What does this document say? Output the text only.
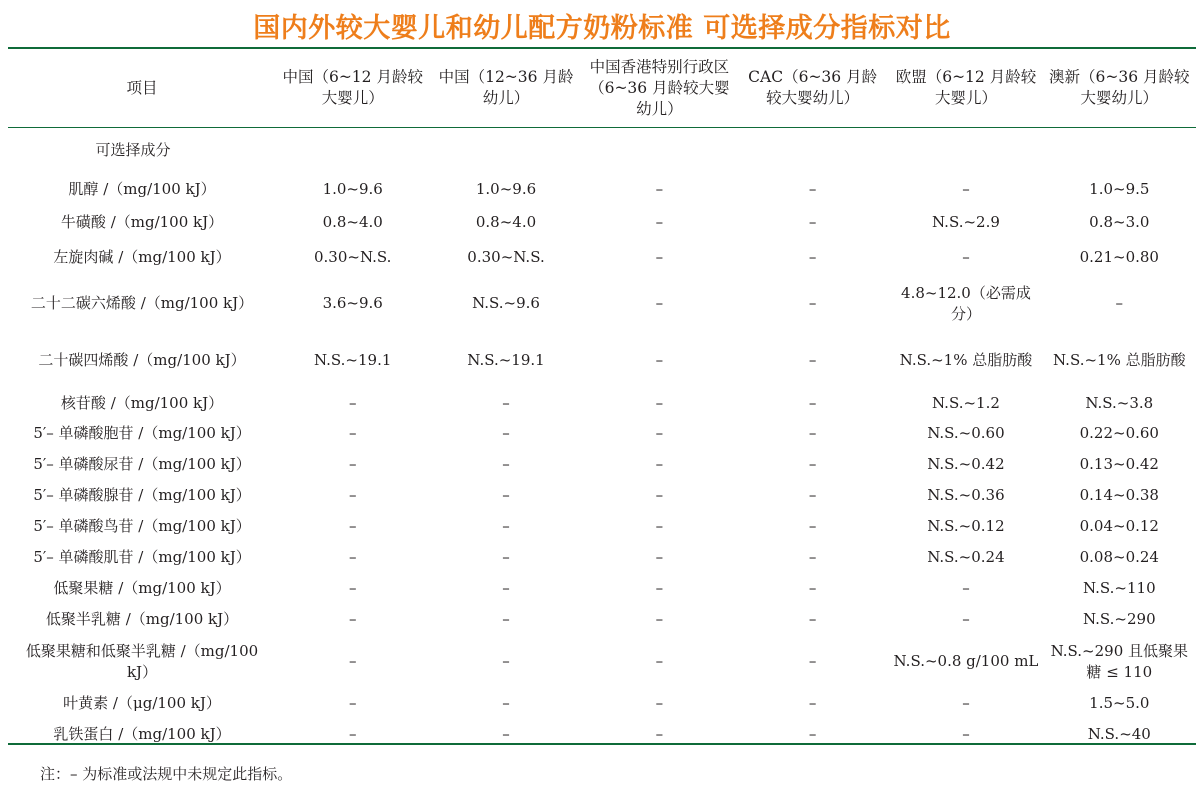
国内外较大婴儿和幼儿配方奶粉标准 可选择成分指标对比
项目	中国（6~12 月龄较大婴儿）	中国（12~36 月龄幼儿）	中国香港特别行政区（6~36 月龄较大婴幼儿）	CAC（6~36 月龄较大婴幼儿）	欧盟（6~12 月龄较大婴儿）	澳新（6~36 月龄较大婴幼儿）
可选择成分						
肌醇 /（mg/100 kJ）	1.0~9.6	1.0~9.6	–	–	–	1.0~9.5
牛磺酸 /（mg/100 kJ）	0.8~4.0	0.8~4.0	–	–	N.S.~2.9	0.8~3.0
左旋肉碱 /（mg/100 kJ）	0.30~N.S.	0.30~N.S.	–	–	–	0.21~0.80
二十二碳六烯酸 /（mg/100 kJ）	3.6~9.6	N.S.~9.6	–	–	4.8~12.0（必需成分）	–
二十碳四烯酸 /（mg/100 kJ）	N.S.~19.1	N.S.~19.1	–	–	N.S.~1% 总脂肪酸	N.S.~1% 总脂肪酸
核苷酸 /（mg/100 kJ）	–	–	–	–	N.S.~1.2	N.S.~3.8
5′– 单磷酸胞苷 /（mg/100 kJ）	–	–	–	–	N.S.~0.60	0.22~0.60
5′– 单磷酸尿苷 /（mg/100 kJ）	–	–	–	–	N.S.~0.42	0.13~0.42
5′– 单磷酸腺苷 /（mg/100 kJ）	–	–	–	–	N.S.~0.36	0.14~0.38
5′– 单磷酸鸟苷 /（mg/100 kJ）	–	–	–	–	N.S.~0.12	0.04~0.12
5′– 单磷酸肌苷 /（mg/100 kJ）	–	–	–	–	N.S.~0.24	0.08~0.24
低聚果糖 /（mg/100 kJ）	–	–	–	–	–	N.S.~110
低聚半乳糖 /（mg/100 kJ）	–	–	–	–	–	N.S.~290
低聚果糖和低聚半乳糖 /（mg/100 kJ）	–	–	–	–	N.S.~0.8 g/100 mL	N.S.~290 且低聚果糖 ≤ 110
叶黄素 /（μg/100 kJ）	–	–	–	–	–	1.5~5.0
乳铁蛋白 /（mg/100 kJ）	–	–	–	–	–	N.S.~40
注：– 为标准或法规中未规定此指标。
